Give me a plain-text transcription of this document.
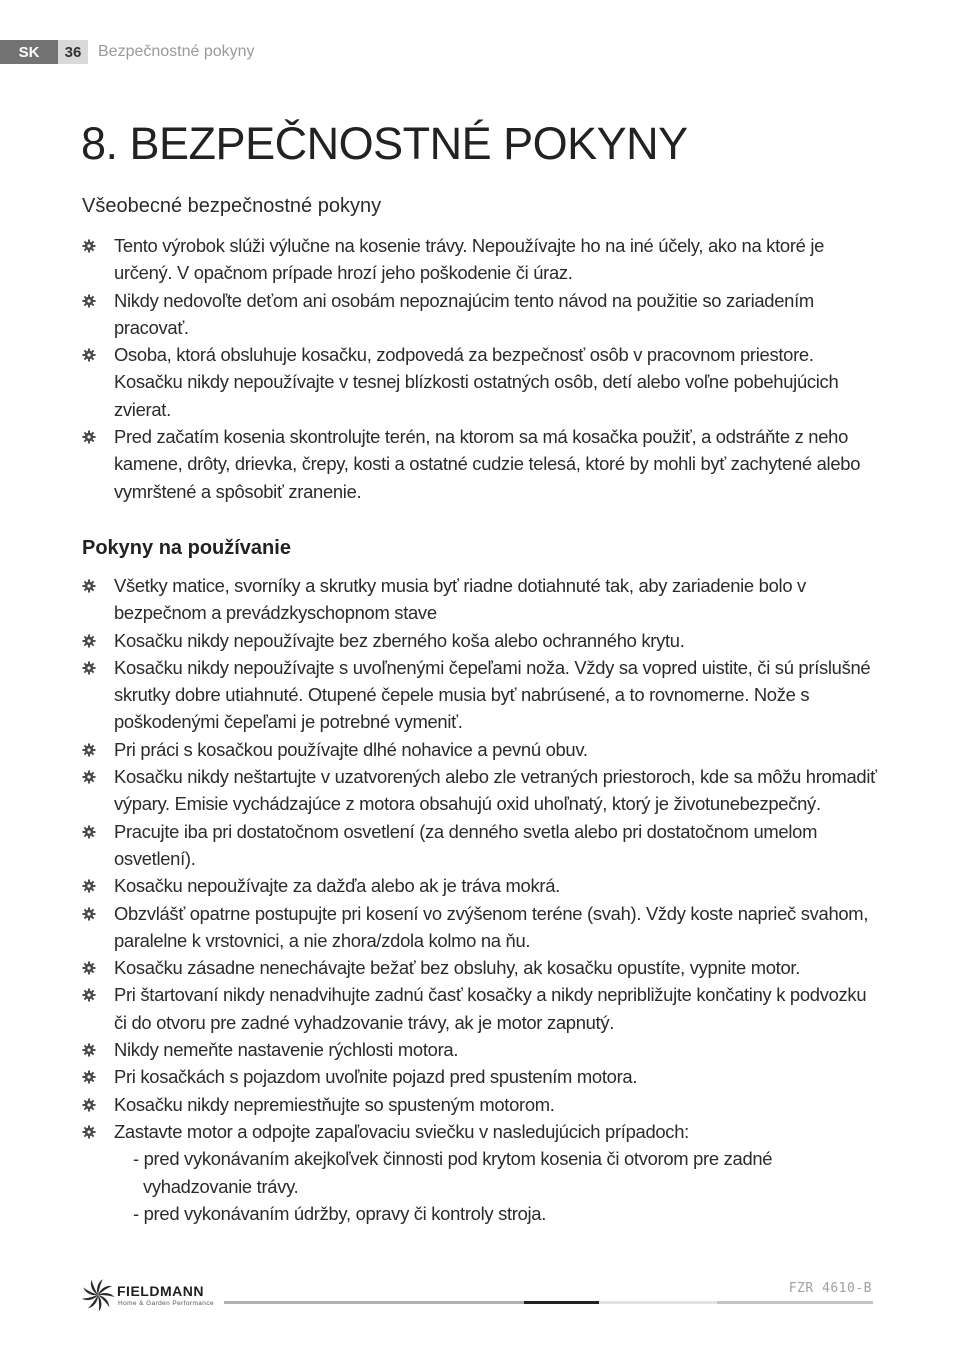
SK	36	Bezpečnostné pokyny
8. BEZPEČNOSTNÉ POKYNY
Všeobecné bezpečnostné pokyny
Tento výrobok slúži výlučne na kosenie trávy. Nepoužívajte ho na iné účely, ako na ktoré je určený. V opačnom prípade hrozí jeho poškodenie či úraz.
Nikdy nedovoľte deťom ani osobám nepoznajúcim tento návod na použitie so zariadením pracovať.
Osoba, ktorá obsluhuje kosačku, zodpovedá za bezpečnosť osôb v pracovnom priestore. Kosačku nikdy nepoužívajte v tesnej blízkosti ostatných osôb, detí alebo voľne pobehujúcich zvierat.
Pred začatím kosenia skontrolujte terén, na ktorom sa má kosačka použiť, a odstráňte z neho kamene, drôty, drievka, črepy, kosti a ostatné cudzie telesá, ktoré by mohli byť zachytené alebo vymrštené a spôsobiť zranenie.
Pokyny na používanie
Všetky matice, svorníky a skrutky musia byť riadne dotiahnuté tak, aby zariadenie bolo v bezpečnom a prevádzkyschopnom stave
Kosačku nikdy nepoužívajte bez zberného koša alebo ochranného krytu.
Kosačku nikdy nepoužívajte s uvoľnenými čepeľami noža. Vždy sa vopred uistite, či sú príslušné skrutky dobre utiahnuté. Otupené čepele musia byť nabrúsené, a to rovnomerne. Nože s poškodenými čepeľami je potrebné vymeniť.
Pri práci s kosačkou používajte dlhé nohavice a pevnú obuv.
Kosačku nikdy neštartujte v uzatvorených alebo zle vetraných priestoroch, kde sa môžu hromadiť výpary. Emisie vychádzajúce z motora obsahujú oxid uhoľnatý, ktorý je životunebezpečný.
Pracujte iba pri dostatočnom osvetlení (za denného svetla alebo pri dostatočnom umelom osvetlení).
Kosačku nepoužívajte za dažďa alebo ak je tráva mokrá.
Obzvlášť opatrne postupujte pri kosení vo zvýšenom teréne (svah). Vždy koste naprieč svahom, paralelne k vrstovnici, a nie zhora/zdola kolmo na ňu.
Kosačku zásadne nenechávajte bežať bez obsluhy, ak kosačku opustíte, vypnite motor.
Pri štartovaní nikdy nenadvihujte zadnú časť kosačky a nikdy nepribližujte končatiny k podvozku či do otvoru pre zadné vyhadzovanie trávy, ak je motor zapnutý.
Nikdy nemeňte nastavenie rýchlosti motora.
Pri kosačkách s pojazdom uvoľnite pojazd pred spustením motora.
Kosačku nikdy nepremiestňujte so spusteným motorom.
Zastavte motor a odpojte zapaľovaciu sviečku v nasledujúcich prípadoch:
- pred vykonávaním akejkoľvek činnosti pod krytom kosenia či otvorom pre zadné vyhadzovanie trávy.
- pred vykonávaním údržby, opravy či kontroly stroja.
FIELDMANN
Home & Garden Performance
FZR 4610-B
